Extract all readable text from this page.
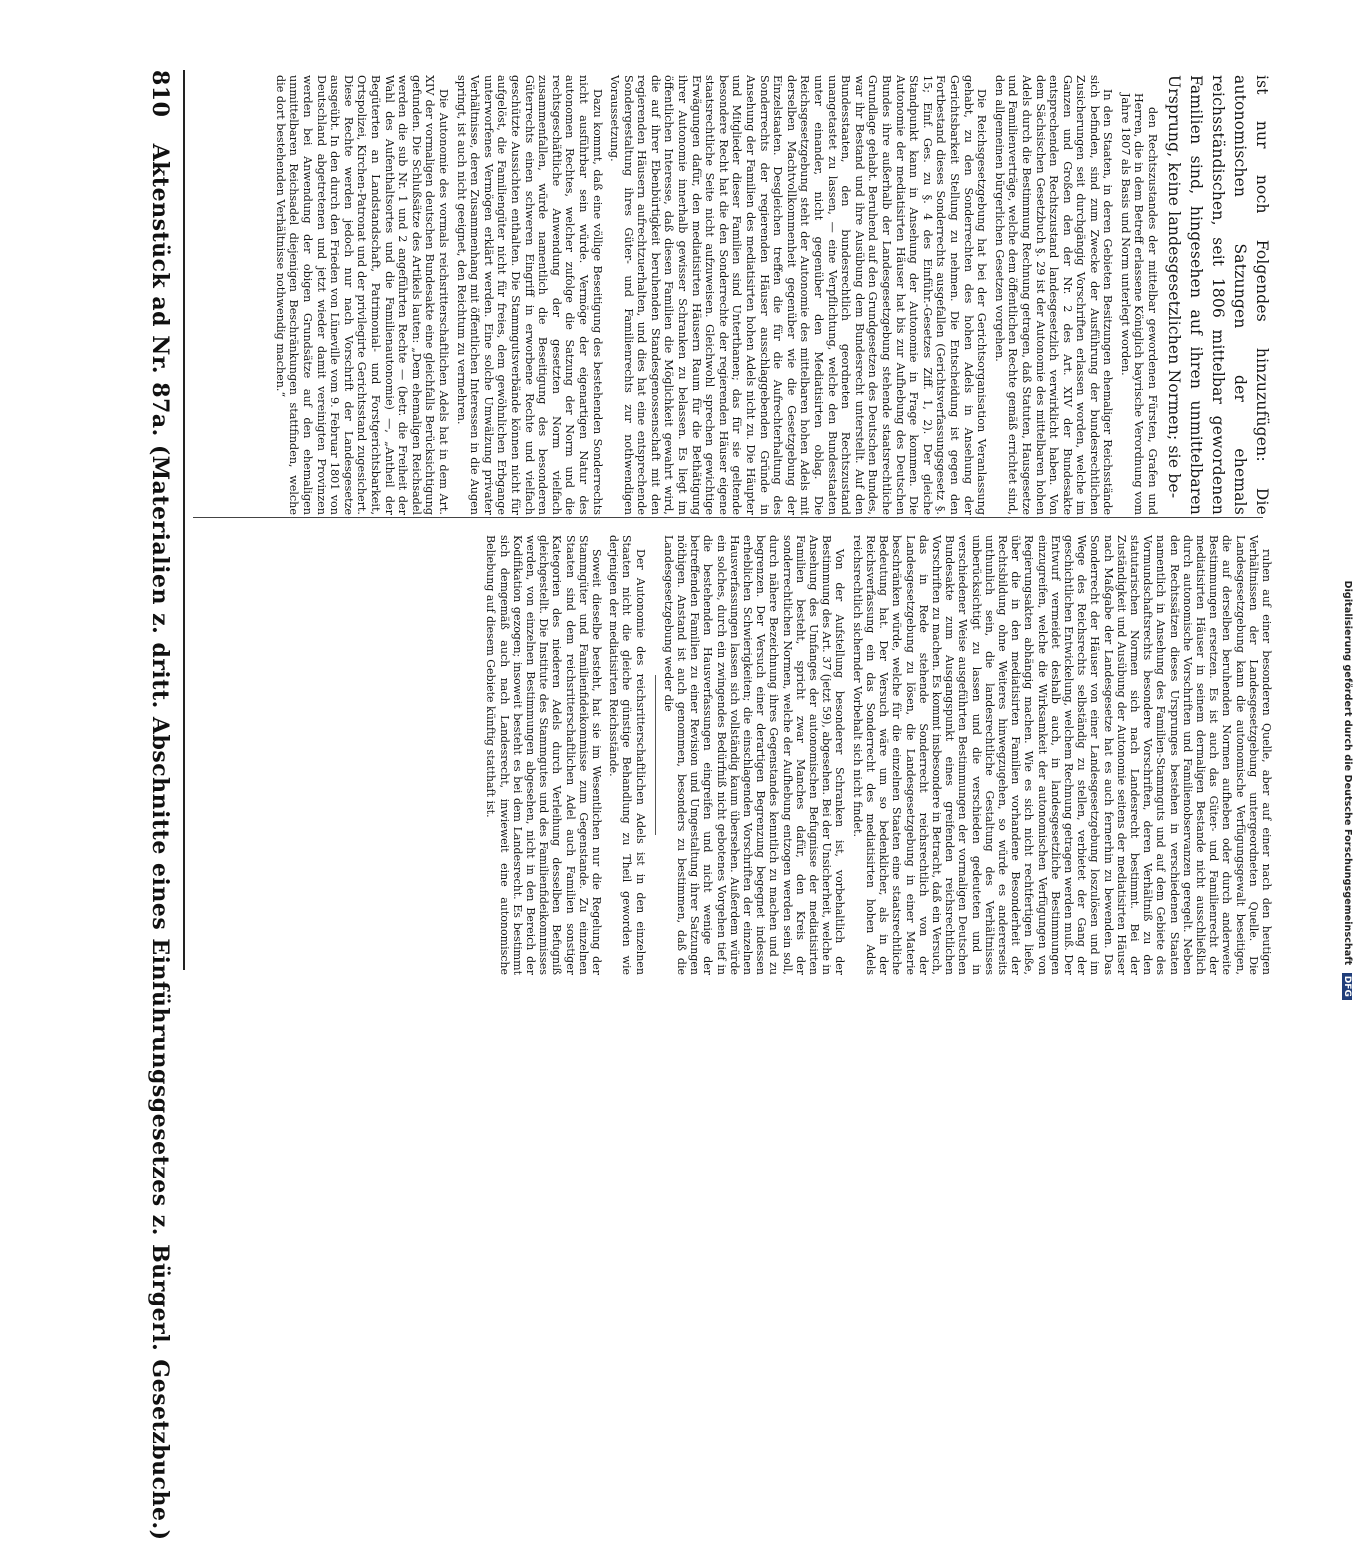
Digitalisierung gefördert durch die Deutsche Forschungsgemeinschaft DFG
810 Aktenstück ad Nr. 87a. (Materialien z. dritt. Abschnitte eines Einführungsgesetzes z. Bürgerl. Gesetzbuche.)	ist nur noch Folgendes hinzuzufügen: Die autonomischen Satzungen der ehemals reichsständischen, seit 1806 mittelbar gewordenen Familien sind, hingesehen auf ihren unmittelbaren Ursprung, keine landesgesetzlichen Normen; sie be-

den Rechtszustandes der mittelbar gewordenen Fürsten, Grafen und Herren, die in dem Betreff erlassene Königlich bayrische Verordnung vom Jahre 1807 als Basis und Norm unterlegt worden.

In den Staaten, in deren Gebieten Besitzungen ehemaliger Reichsstände sich befinden, sind zum Zwecke der Ausführung der bundesrechtlichen Zusicherungen seit durchgängig Vorschriften erlassen worden, welche im Ganzen und Großen den der Nr. 2 des Art. XIV der Bundesakte entsprechenden Rechtszustand landesgesetzlich verwirklicht haben. Von dem Sächsischen Gesetzbuch §. 29 ist der Autonomie des mittelbaren hohen Adels durch die Bestimmung Rechnung getragen, daß Statuten, Hausgesetze und Familienverträge, welche dem öffentlichen Rechte gemäß errichtet sind, den allgemeinen bürgerlichen Gesetzen vorgehen.

Die Reichsgesetzgebung hat bei der Gerichtsorganisation Veranlassung gehabt, zu den Sonderrechten des hohen Adels in Ansehung der Gerichtsbarkeit Stellung zu nehmen. Die Entscheidung ist gegen den Fortbestand dieses Sonderrechts ausgefallen (Gerichtsverfassungsgesetz §. 15; Einf. Ges. zu §. 4 des Einführ.-Gesetzes Ziff. 1, 2). Der gleiche Standpunkt kann in Ansehung der Autonomie in Frage kommen. Die Autonomie der mediatisirten Häuser hat bis zur Aufhebung des Deutschen Bundes ihre außerhalb der Landesgesetzgebung stehende staatsrechtliche Grundlage gehabt. Beruhend auf den Grundgesetzen des Deutschen Bundes, war ihr Bestand und ihre Ausübung dem Bundesrecht unterstellt. Auf den Bundesstaaten, den bundesrechtlich geordneten Rechtszustand unangetastet zu lassen, — eine Verpflichtung, welche den Bundesstaaten unter einander, nicht gegenüber den Mediatisirten oblag. Die Reichsgesetzgebung steht der Autonomie des mittelbaren hohen Adels mit derselben Machtvollkommenheit gegenüber wie die Gesetzgebung der Einzelstaaten. Desgleichen treffen die für die Aufrechterhaltung des Sonderrechts der regierenden Häuser ausschlaggebenden Gründe in Ansehung der Familien des mediatisirten hohen Adels nicht zu. Die Häupter und Mitglieder dieser Familien sind Unterthanen; das für sie geltende besondere Recht hat die den Sonderrechte der regierenden Häuser eigene staatsrechtliche Seite nicht aufzuweisen. Gleichwohl sprechen gewichtige Erwägungen dafür, den mediatisirten Häusern Raum für die Bethätigung ihrer Autonomie innerhalb gewisser Schranken zu belassen. Es liegt im öffentlichen Interesse, daß diesen Familien die Möglichkeit gewahrt wird, die auf ihrer Ebenbürtigkeit beruhenden Standesgenossenschaft mit den regierenden Häusern aufrechtzuerhalten, und dies hat eine entsprechende Sondergestaltung ihres Güter- und Familienrechts zur nothwendigen Voraussetzung.

Dazu kommt, daß eine völlige Beseitigung des bestehenden Sonderrechts nicht ausführbar sein würde. Vermöge der eigenartigen Natur des autonomen Rechtes, welcher zufolge die Satzung der Norm und die rechtsgeschäftliche Anwendung der gesetzten Norm vielfach zusammenfallen, würde namentlich die Beseitigung des besonderen Güterrechts einen schweren Eingriff in erworbene Rechte und vielfach geschützte Aussichten enthalten. Die Stammgutsverbände können nicht für aufgelöst, die Familiengüter nicht für freies, dem gewöhnlichen Erbgange unterworfenes Vermögen erklärt werden. Eine solche Umwälzung privater Verhältnisse, deren Zusammenhang mit öffentlichen Interessen in die Augen springt, ist auch nicht geeignet, den Reichtum zu vermehren.

Die Autonomie des vormals reichsritterschaftlichen Adels hat in dem Art. XIV der vormaligen deutschen Bundesakte eine gleichfalls Berücksichtigung gefunden. Die Schlußsätze des Artikels lauten: „Dem ehemaligen Reichsadel werden die sub Nr. 1 und 2 angeführten Rechte — (betr. die Freiheit der Wahl des Aufenthaltsortes und die Familienautonomie) —, „Antheil der Begüterten an Landstandschaft, Patrimonial- und Forstgerichtsbarkeit, Ortspolizei, Kirchen-Patronat und der privilegirte Gerichtsstand zugesichert. Diese Rechte werden jedoch nur nach Vorschrift der Landesgesetze ausgeübt. In den durch den Frieden von Lüneville vom 9. Februar 1801 von Deutschland abgetretenen und jetzt wieder damit vereinigten Provinzen werden bei Anwendung der obigen Grundsätze auf den ehemaligen unmittelbaren Reichsadel diejenigen Beschränkungen stattfinden, welche die dort bestehenden Verhältnisse nothwendig machen.“

ruhen auf einer besonderen Quelle, aber auf einer nach den heutigen Verhältnissen der Landesgesetzgebung untergeordneten Quelle. Die Landesgesetzgebung kann die autonomische Verfügungsgewalt beseitigen, die auf derselben beruhenden Normen aufheben oder durch anderweite Bestimmungen ersetzen. Es ist auch das Güter- und Familienrecht der mediatisirten Häuser in seinem dermaligen Bestande nicht ausschließlich durch autonomische Vorschriften und Familienobservanzen geregelt. Neben den Rechtssätzen dieses Ursprunges bestehen in verschiedenen Staaten namentlich in Ansehung des Familien-Stammguts und auf dem Gebiete des Vormundschaftsrechts besondere Vorschriften, deren Verhältniß zu den statutarischen Normen sich nach Landesrecht bestimmt. Bei der Zuständigkeit und Ausübung der Autonomie seitens der mediatisirten Häuser nach Maßgabe der Landesgesetze hat es auch fernerhin zu bewenden. Das Sonderrecht der Häuser von einer Landesgesetzgebung loszulösen und im Wege des Reichsrechts selbständig zu stellen, verbietet der Gang der geschichtlichen Entwickelung, welchem Rechnung getragen werden muß. Der Entwurf vermeidet deshalb auch, in landesgesetzliche Bestimmungen einzugreifen, welche die Wirksamkeit der autonomischen Verfügungen von Regierungsakten abhängig machen. Wie es sich nicht rechtfertigen ließe, über die in den mediatisirten Familien vorhandene Besonderheit der Rechtsbildung ohne Weiteres hinwegzugehen, so würde es andererseits unthunlich sein, die landesrechtliche Gestaltung des Verhältnisses unberücksichtigt zu lassen und die verschieden gedeuteten und in verschiedener Weise ausgeführten Bestimmungen der vormaligen Deutschen Bundesakte zum Ausgangspunkt eines greifenden reichsrechtlichen Vorschriften zu machen. Es kommt insbesondere in Betracht, daß ein Versuch, das in Rede stehende Sonderrecht reichsrechtlich von der Landesgesetzgebung zu lösen, die Landesgesetzgebung in einer Materie beschränken würde, welche für die einzelnen Staaten eine staatsrechtliche Bedeutung hat. Der Versuch wäre um so bedenklicher, als in der Reichsverfassung ein das Sonderrecht des mediatisirten hohen Adels reichsrechtlich sichernder Vorbehalt sich nicht findet.

Von der Aufstellung besonderer Schranken ist, vorbehaltlich der Bestimmung des Art. 37 (jetzt 59), abgesehen. Bei der Unsicherheit, welche in Ansehung des Umfanges der autonomischen Befugnisse der mediatisirten Familien besteht, spricht zwar Manches dafür, den Kreis der sonderrechtlichen Normen, welche der Aufhebung entzogen werden sein soll, durch nähere Bezeichnung ihres Gegenstandes kenntlich zu machen und zu begrenzen. Der Versuch einer derartigen Begrenzung begegnet indessen erheblichen Schwierigkeiten; die einschlagenden Vorschriften der einzelnen Hausverfassungen lassen sich vollständig kaum übersehen. Außerdem würde ein solches, durch ein zwingendes Bedürfniß nicht gebotenes Vorgehen tief in die bestehenden Hausverfassungen eingreifen und nicht wenige der betreffenden Familien zu einer Revision und Umgestaltung ihrer Satzungen nöthigen. Anstand ist auch genommen, besonders zu bestimmen, daß die Landesgesetzgebung weder die

Der Autonomie des reichsritterschaftlichen Adels ist in den einzelnen Staaten nicht die gleiche günstige Behandlung zu Theil geworden wie derjenigen der mediatisirten Reichsstände.

Soweit dieselbe besteht, hat sie im Wesentlichen nur die Regelung der Stammgüter und Familienfideikommisse zum Gegenstande. Zu einzelnen Staaten sind dem reichsritterschaftlichen Adel auch Familien sonstiger Kategorien des niederen Adels durch Verleihung desselben Befugniß gleichgestellt. Die Institute des Stammgutes und des Familienfideikommisses werden, von einzelnen Bestimmungen abgesehen, nicht in den Bereich der Kodifikation gezogen; insoweit besteht es bei dem Landesrecht. Es bestimmt sich demgemäß auch nach Landesrecht, inwieweit eine autonomische Beliebung auf diesem Gebiete künftig statthaft ist.
